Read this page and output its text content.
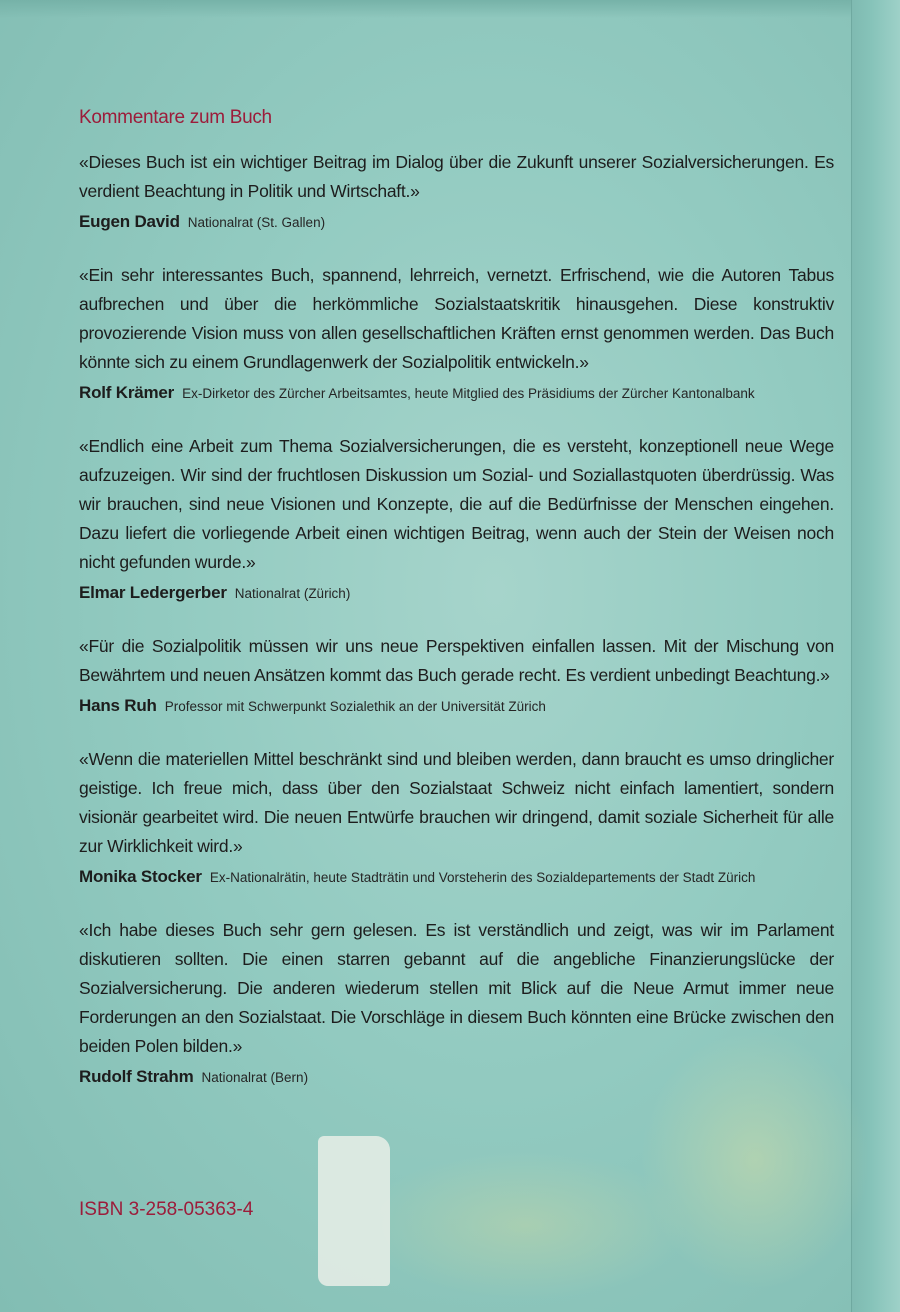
Kommentare zum Buch

«Dieses Buch ist ein wichtiger Beitrag im Dialog über die Zukunft unserer Sozialversicherungen. Es verdient Beachtung in Politik und Wirtschaft.»

Eugen David Nationalrat (St. Gallen)

«Ein sehr interessantes Buch, spannend, lehrreich, vernetzt. Erfrischend, wie die Autoren Tabus aufbrechen und über die herkömmliche Sozialstaatskritik hinausgehen. Diese konstruktiv provozierende Vision muss von allen gesellschaftlichen Kräften ernst genommen werden. Das Buch könnte sich zu einem Grundlagenwerk der Sozialpolitik entwickeln.»

Rolf Krämer Ex-Dirketor des Zürcher Arbeitsamtes, heute Mitglied des Präsidiums der Zürcher Kantonalbank

«Endlich eine Arbeit zum Thema Sozialversicherungen, die es versteht, konzeptionell neue Wege aufzuzeigen. Wir sind der fruchtlosen Diskussion um Sozial- und Soziallastquoten überdrüssig. Was wir brauchen, sind neue Visionen und Konzepte, die auf die Bedürfnisse der Menschen eingehen. Dazu liefert die vorliegende Arbeit einen wichtigen Beitrag, wenn auch der Stein der Weisen noch nicht gefunden wurde.»

Elmar Ledergerber Nationalrat (Zürich)

«Für die Sozialpolitik müssen wir uns neue Perspektiven einfallen lassen. Mit der Mischung von Bewährtem und neuen Ansätzen kommt das Buch gerade recht. Es verdient unbedingt Beachtung.»

Hans Ruh Professor mit Schwerpunkt Sozialethik an der Universität Zürich

«Wenn die materiellen Mittel beschränkt sind und bleiben werden, dann braucht es umso dringlicher geistige. Ich freue mich, dass über den Sozialstaat Schweiz nicht einfach lamentiert, sondern visionär gearbeitet wird. Die neuen Entwürfe brauchen wir dringend, damit soziale Sicherheit für alle zur Wirklichkeit wird.»

Monika Stocker Ex-Nationalrätin, heute Stadträtin und Vorsteherin des Sozialdepartements der Stadt Zürich

«Ich habe dieses Buch sehr gern gelesen. Es ist verständlich und zeigt, was wir im Parlament diskutieren sollten. Die einen starren gebannt auf die angebliche Finanzierungslücke der Sozialversicherung. Die anderen wiederum stellen mit Blick auf die Neue Armut immer neue Forderungen an den Sozialstaat. Die Vorschläge in diesem Buch könnten eine Brücke zwischen den beiden Polen bilden.»

Rudolf Strahm Nationalrat (Bern)

ISBN 3-258-05363-4
